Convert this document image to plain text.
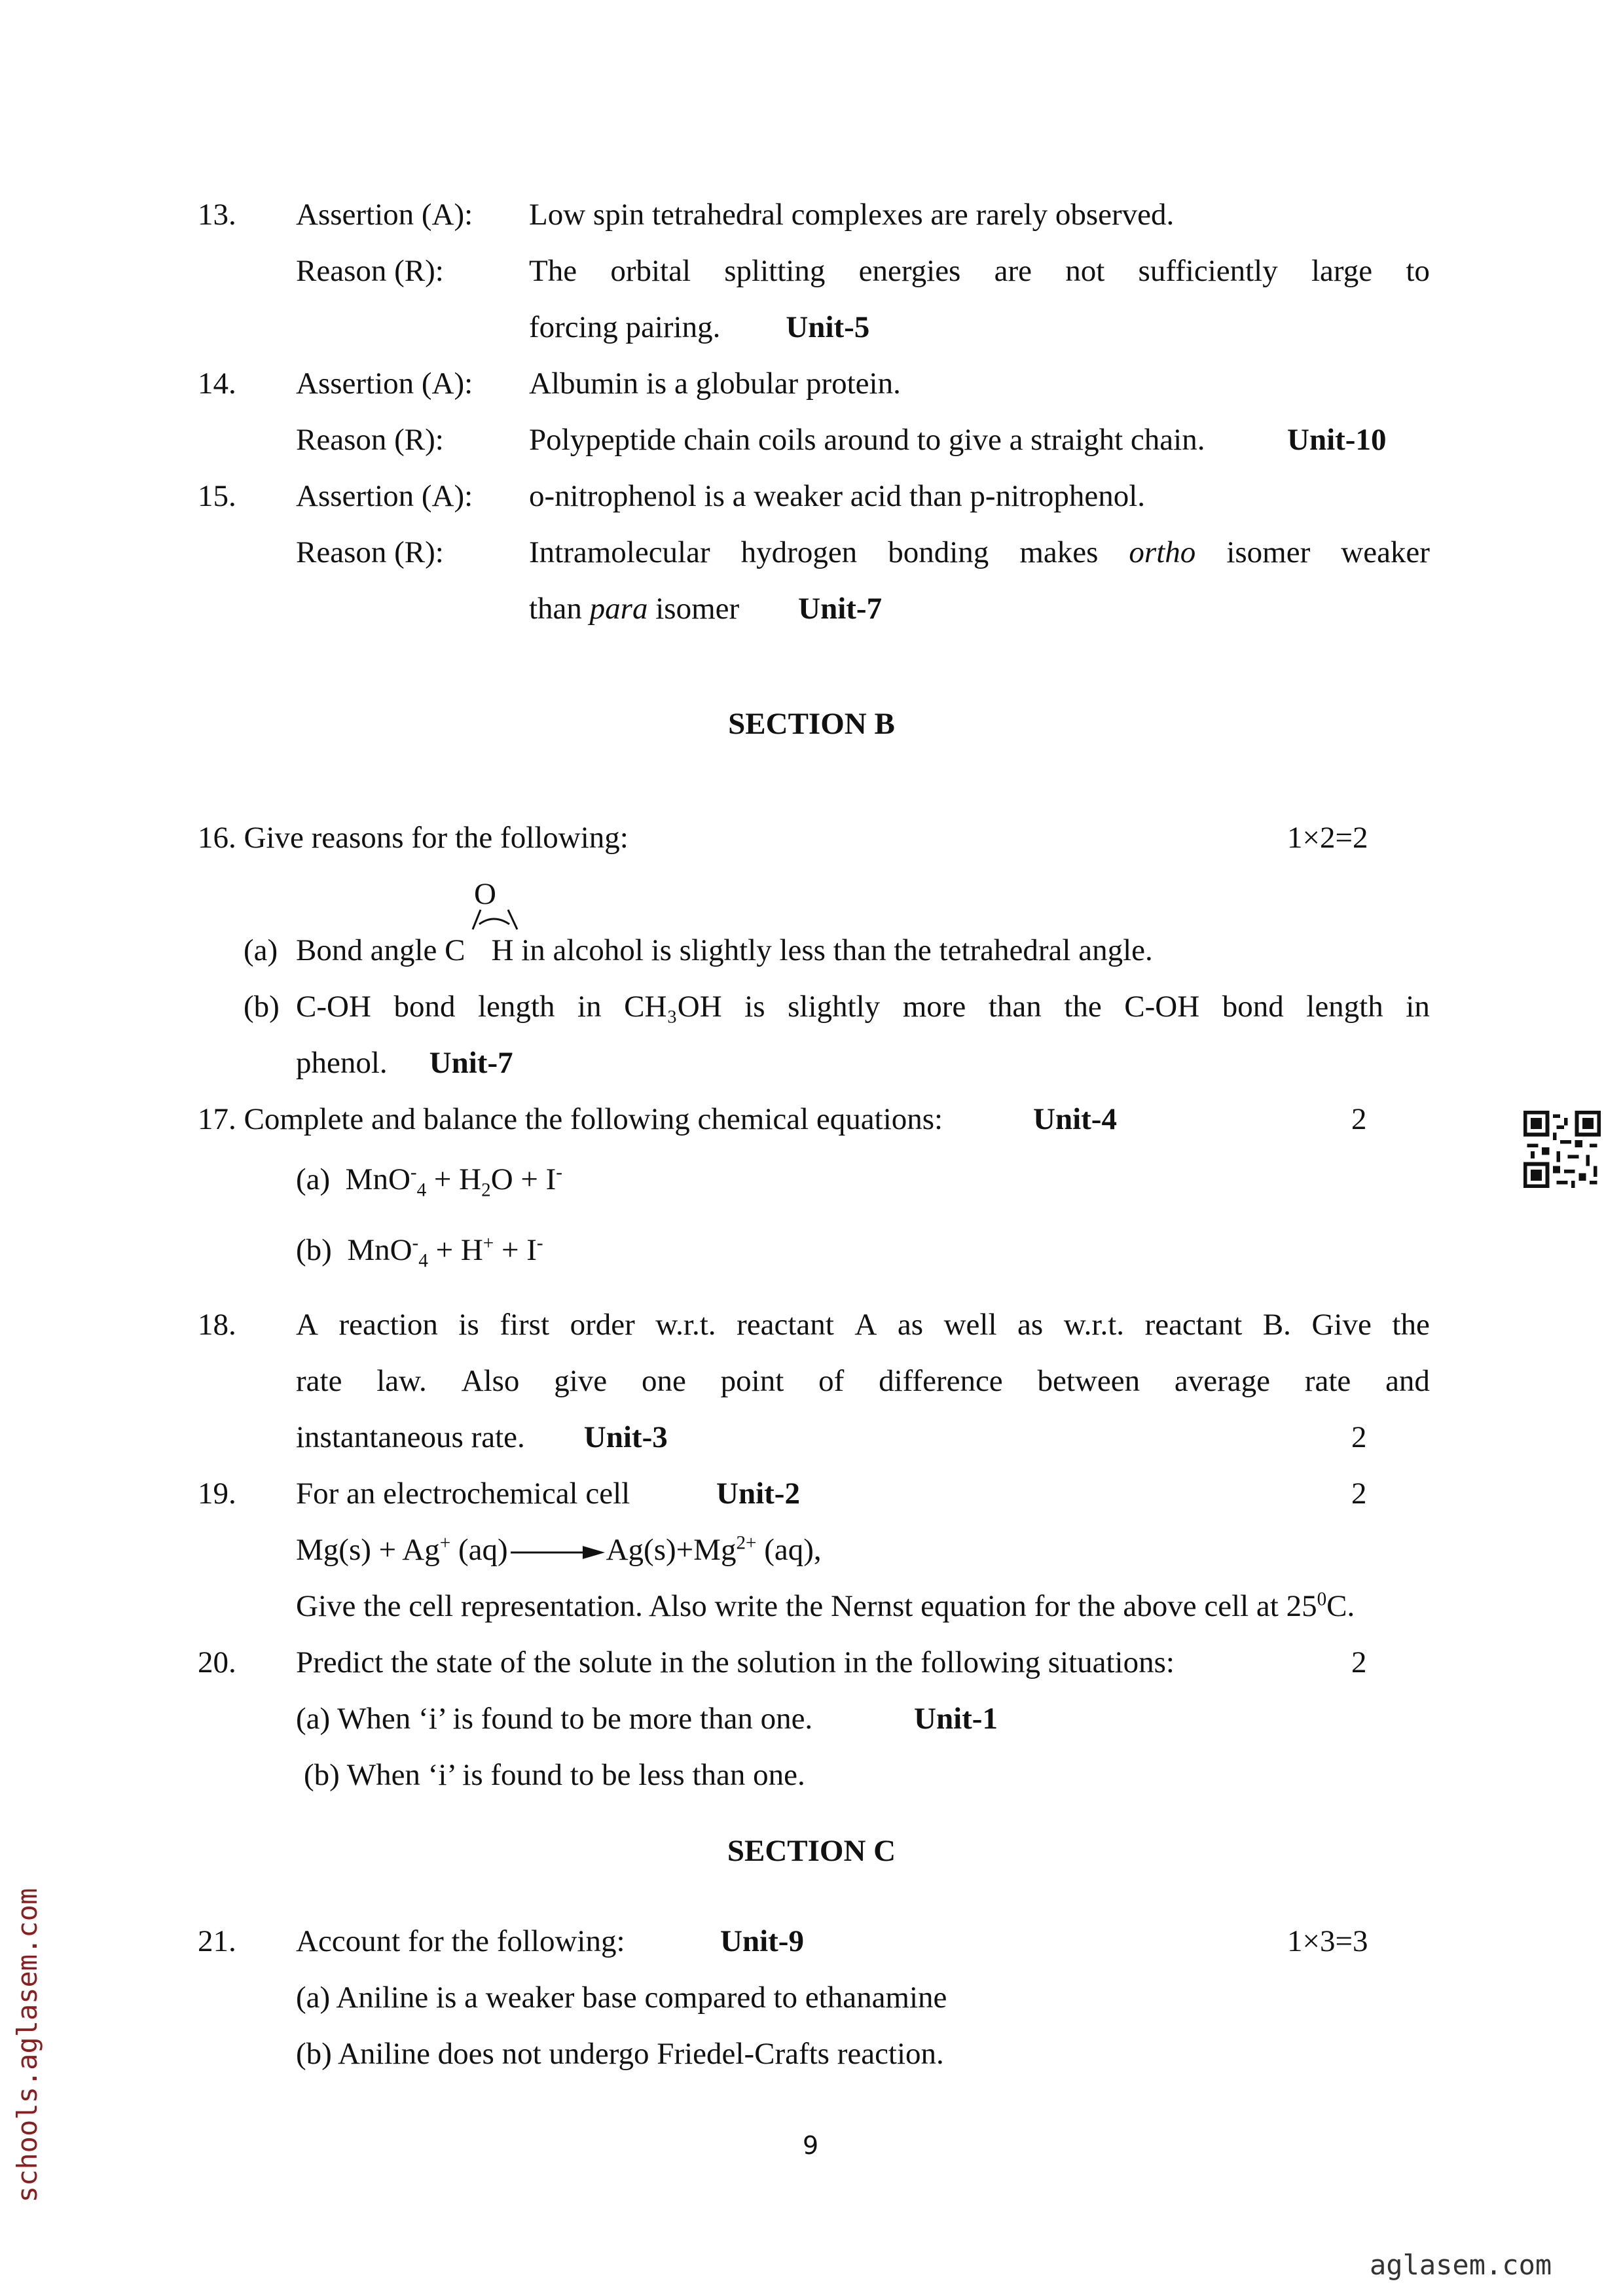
13. Assertion (A): Low spin tetrahedral complexes are rarely observed.
Reason (R):	The orbital splitting energies are not sufficiently large to
forcing pairing. Unit-5
14. Assertion (A): Albumin is a globular protein.
Reason (R):	Polypeptide chain coils around to give a straight chain.	Unit-10
15. Assertion (A): o-nitrophenol is a weaker acid than p-nitrophenol.
Reason (R):	Intramolecular hydrogen bonding makes ortho isomer weaker
than para isomer Unit-7
SECTION B
16. Give reasons for the following:	1×2=2
O
(a) Bond angle C H in alcohol is slightly less than the tetrahedral angle.
(b) C-OH bond length in CH₃OH is slightly more than the C-OH bond length in
phenol. Unit-7
17. Complete and balance the following chemical equations:	Unit-4	2
(a) $MnO^-_4 + H_2O + I^-$
(b) MnO-$_4$ + H+ + I-
18. A reaction is first order w.r.t. reactant A as well as w.r.t. reactant B. Give the
rate law. Also give one point of difference between average rate and
instantaneous rate. Unit-3	2
19. For an electrochemical cell	Unit-2	2
Mg(s) + Ag+ $(aq)\to Ag(s)+Mg^{2+}$ (aq),
Give the cell representation. Also write the Nernst equation for the above cell at $25^0C$.
20. Predict the state of the solute in the solution in the following situations:	2
(a) When ‘i’ is found to be more than one.	Unit-1
(b) When ‘i’ is found to be less than one.
SECTION C
21. Account for the following:	Unit-9	1×3=3
(a) Aniline is a weaker base compared to ethanamine
(b) Aniline does not undergo Friedel-Crafts reaction.
9
schools.aglasem.com
aglasem.com
